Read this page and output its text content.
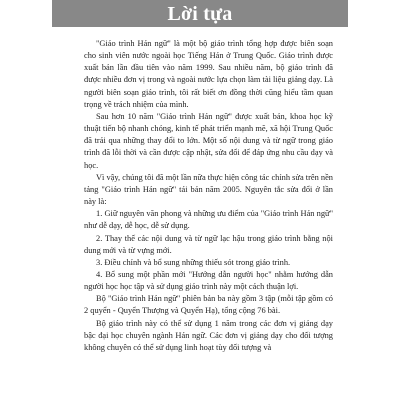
Lời tựa

"Giáo trình Hán ngữ" là một bộ giáo trình tổng hợp được biên soạn cho sinh viên nước ngoài học Tiếng Hán ở Trung Quốc. Giáo trình được xuất bản lần đầu tiên vào năm 1999. Sau nhiều năm, bộ giáo trình đã được nhiều đơn vị trong và ngoài nước lựa chọn làm tài liệu giảng dạy. Là người biên soạn giáo trình, tôi rất biết ơn đồng thời cũng hiểu tầm quan trọng về trách nhiệm của mình.

Sau hơn 10 năm "Giáo trình Hán ngữ" được xuất bản, khoa học kỹ thuật tiến bộ nhanh chóng, kinh tế phát triển mạnh mẽ, xã hội Trung Quốc đã trải qua những thay đổi to lớn. Một số nội dung và từ ngữ trong giáo trình đã lỗi thời và cần được cập nhật, sửa đổi để đáp ứng nhu cầu dạy và học.

Vì vậy, chúng tôi đã một lần nữa thực hiện công tác chỉnh sửa trên nền tảng "Giáo trình Hán ngữ" tái bản năm 2005. Nguyên tắc sửa đổi ở lần này là:

1. Giữ nguyên văn phong và những ưu điểm của "Giáo trình Hán ngữ" như dễ dạy, dễ học, dễ sử dụng.

2. Thay thế các nội dung và từ ngữ lạc hậu trong giáo trình bằng nội dung mới và từ vựng mới.

3. Điều chỉnh và bổ sung những thiếu sót trong giáo trình.

4. Bổ sung một phần mới "Hướng dẫn người học" nhằm hướng dẫn người học học tập và sử dụng giáo trình này một cách thuận lợi.

Bộ "Giáo trình Hán ngữ" phiên bản ba này gồm 3 tập (mỗi tập gồm có 2 quyển - Quyển Thượng và Quyển Hạ), tổng cộng 76 bài.

Bộ giáo trình này có thể sử dụng 1 năm trong các đơn vị giảng dạy bậc đại học chuyên ngành Hán ngữ. Các đơn vị giảng dạy cho đối tượng không chuyên có thể sử dụng linh hoạt tùy đối tượng và
